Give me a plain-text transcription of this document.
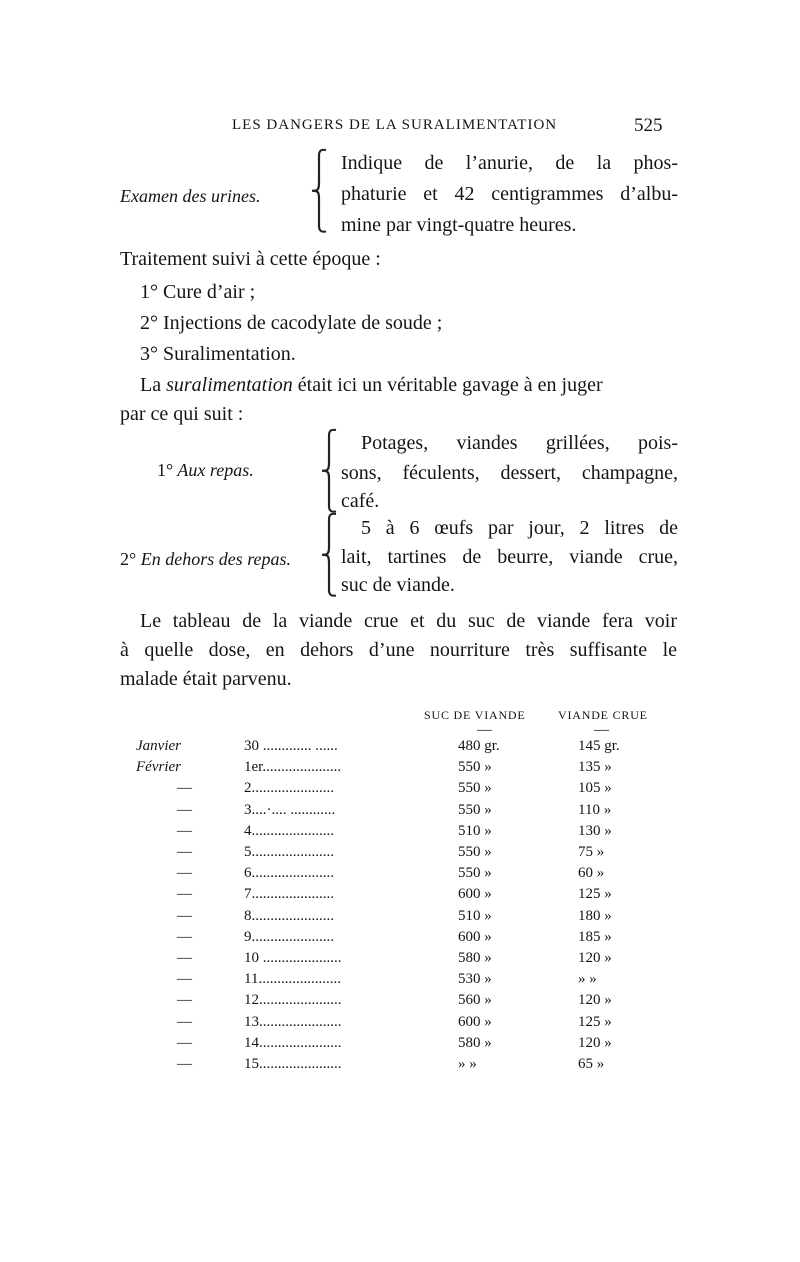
LES DANGERS DE LA SURALIMENTATION	525
Examen des urines.
⎧
⎨
⎩
Indique de l’anurie, de la phos-
phaturie et 42 centigrammes d’albu-
mine par vingt-quatre heures.
Traitement suivi à cette époque :
1° Cure d’air ;
2° Injections de cacodylate de soude ;
3° Suralimentation.
La suralimentation était ici un véritable gavage à en juger
par ce qui suit :
1° Aux repas.
⎧
⎨
⎩
Potages, viandes grillées, pois-
sons, féculents, dessert, champagne,
café.
2° En dehors des repas.
⎧
⎨
⎩
5 à 6 œufs par jour, 2 litres de
lait, tartines de beurre, viande crue,
suc de viande.
Le tableau de la viande crue et du suc de viande fera voir
à quelle dose, en dehors d’une nourriture très suffisante le
malade était parvenu.
SUC DE VIANDE	VIANDE CRUE
—	—
Janvier	30 ............. ......	480 gr.	145 gr.
Février	1er.....................	550 »	135 »
—	2......................	550 »	105 »
—	3....·.... ............	550 »	110 »
—	4......................	510 »	130 »
—	5......................	550 »	75 »
—	6......................	550 »	60 »
—	7......................	600 »	125 »
—	8......................	510 »	180 »
—	9......................	600 »	185 »
—	10 .....................	580 »	120 »
—	11......................	530 »	» »
—	12......................	560 »	120 »
—	13......................	600 »	125 »
—	14......................	580 »	120 »
—	15......................	» »	65 »
